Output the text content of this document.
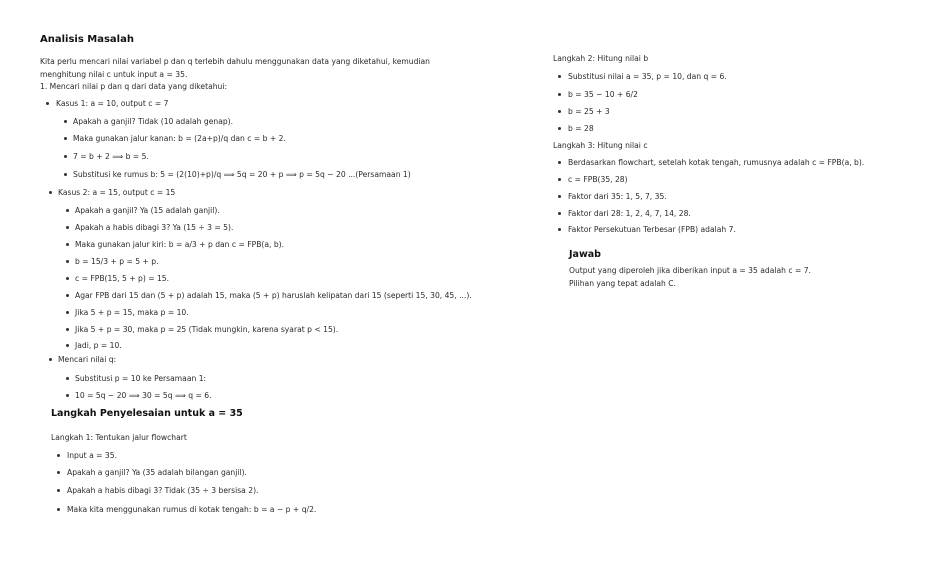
Analisis Masalah
Kita perlu mencari nilai variabel p dan q terlebih dahulu menggunakan data yang diketahui, kemudian
menghitung nilai c untuk input a = 35.
1. Mencari nilai p dan q dari data yang diketahui:
Kasus 1: a = 10, output c = 7
Apakah a ganjil? Tidak (10 adalah genap).
Maka gunakan jalur kanan: b = (2a+p)/q dan c = b + 2.
7 = b + 2 ⟹ b = 5.
Substitusi ke rumus b: 5 = (2(10)+p)/q ⟹ 5q = 20 + p ⟹ p = 5q − 20 ...(Persamaan 1)
Kasus 2: a = 15, output c = 15
Apakah a ganjil? Ya (15 adalah ganjil).
Apakah a habis dibagi 3? Ya (15 ÷ 3 = 5).
Maka gunakan jalur kiri: b = a/3 + p dan c = FPB(a, b).
b = 15/3 + p = 5 + p.
c = FPB(15, 5 + p) = 15.
Agar FPB dari 15 dan (5 + p) adalah 15, maka (5 + p) haruslah kelipatan dari 15 (seperti 15, 30, 45, ...).
Jika 5 + p = 15, maka p = 10.
Jika 5 + p = 30, maka p = 25 (Tidak mungkin, karena syarat p < 15).
Jadi, p = 10.
Mencari nilai q:
Substitusi p = 10 ke Persamaan 1:
10 = 5q − 20 ⟹ 30 = 5q ⟹ q = 6.
Langkah Penyelesaian untuk a = 35
Langkah 1: Tentukan jalur flowchart
Input a = 35.
Apakah a ganjil? Ya (35 adalah bilangan ganjil).
Apakah a habis dibagi 3? Tidak (35 ÷ 3 bersisa 2).
Maka kita menggunakan rumus di kotak tengah: b = a − p + q/2.
Langkah 2: Hitung nilai b
Substitusi nilai a = 35, p = 10, dan q = 6.
b = 35 − 10 + 6/2
b = 25 + 3
b = 28
Langkah 3: Hitung nilai c
Berdasarkan flowchart, setelah kotak tengah, rumusnya adalah c = FPB(a, b).
c = FPB(35, 28)
Faktor dari 35: 1, 5, 7, 35.
Faktor dari 28: 1, 2, 4, 7, 14, 28.
Faktor Persekutuan Terbesar (FPB) adalah 7.
Jawab
Output yang diperoleh jika diberikan input a = 35 adalah c = 7.
Pilihan yang tepat adalah C.
